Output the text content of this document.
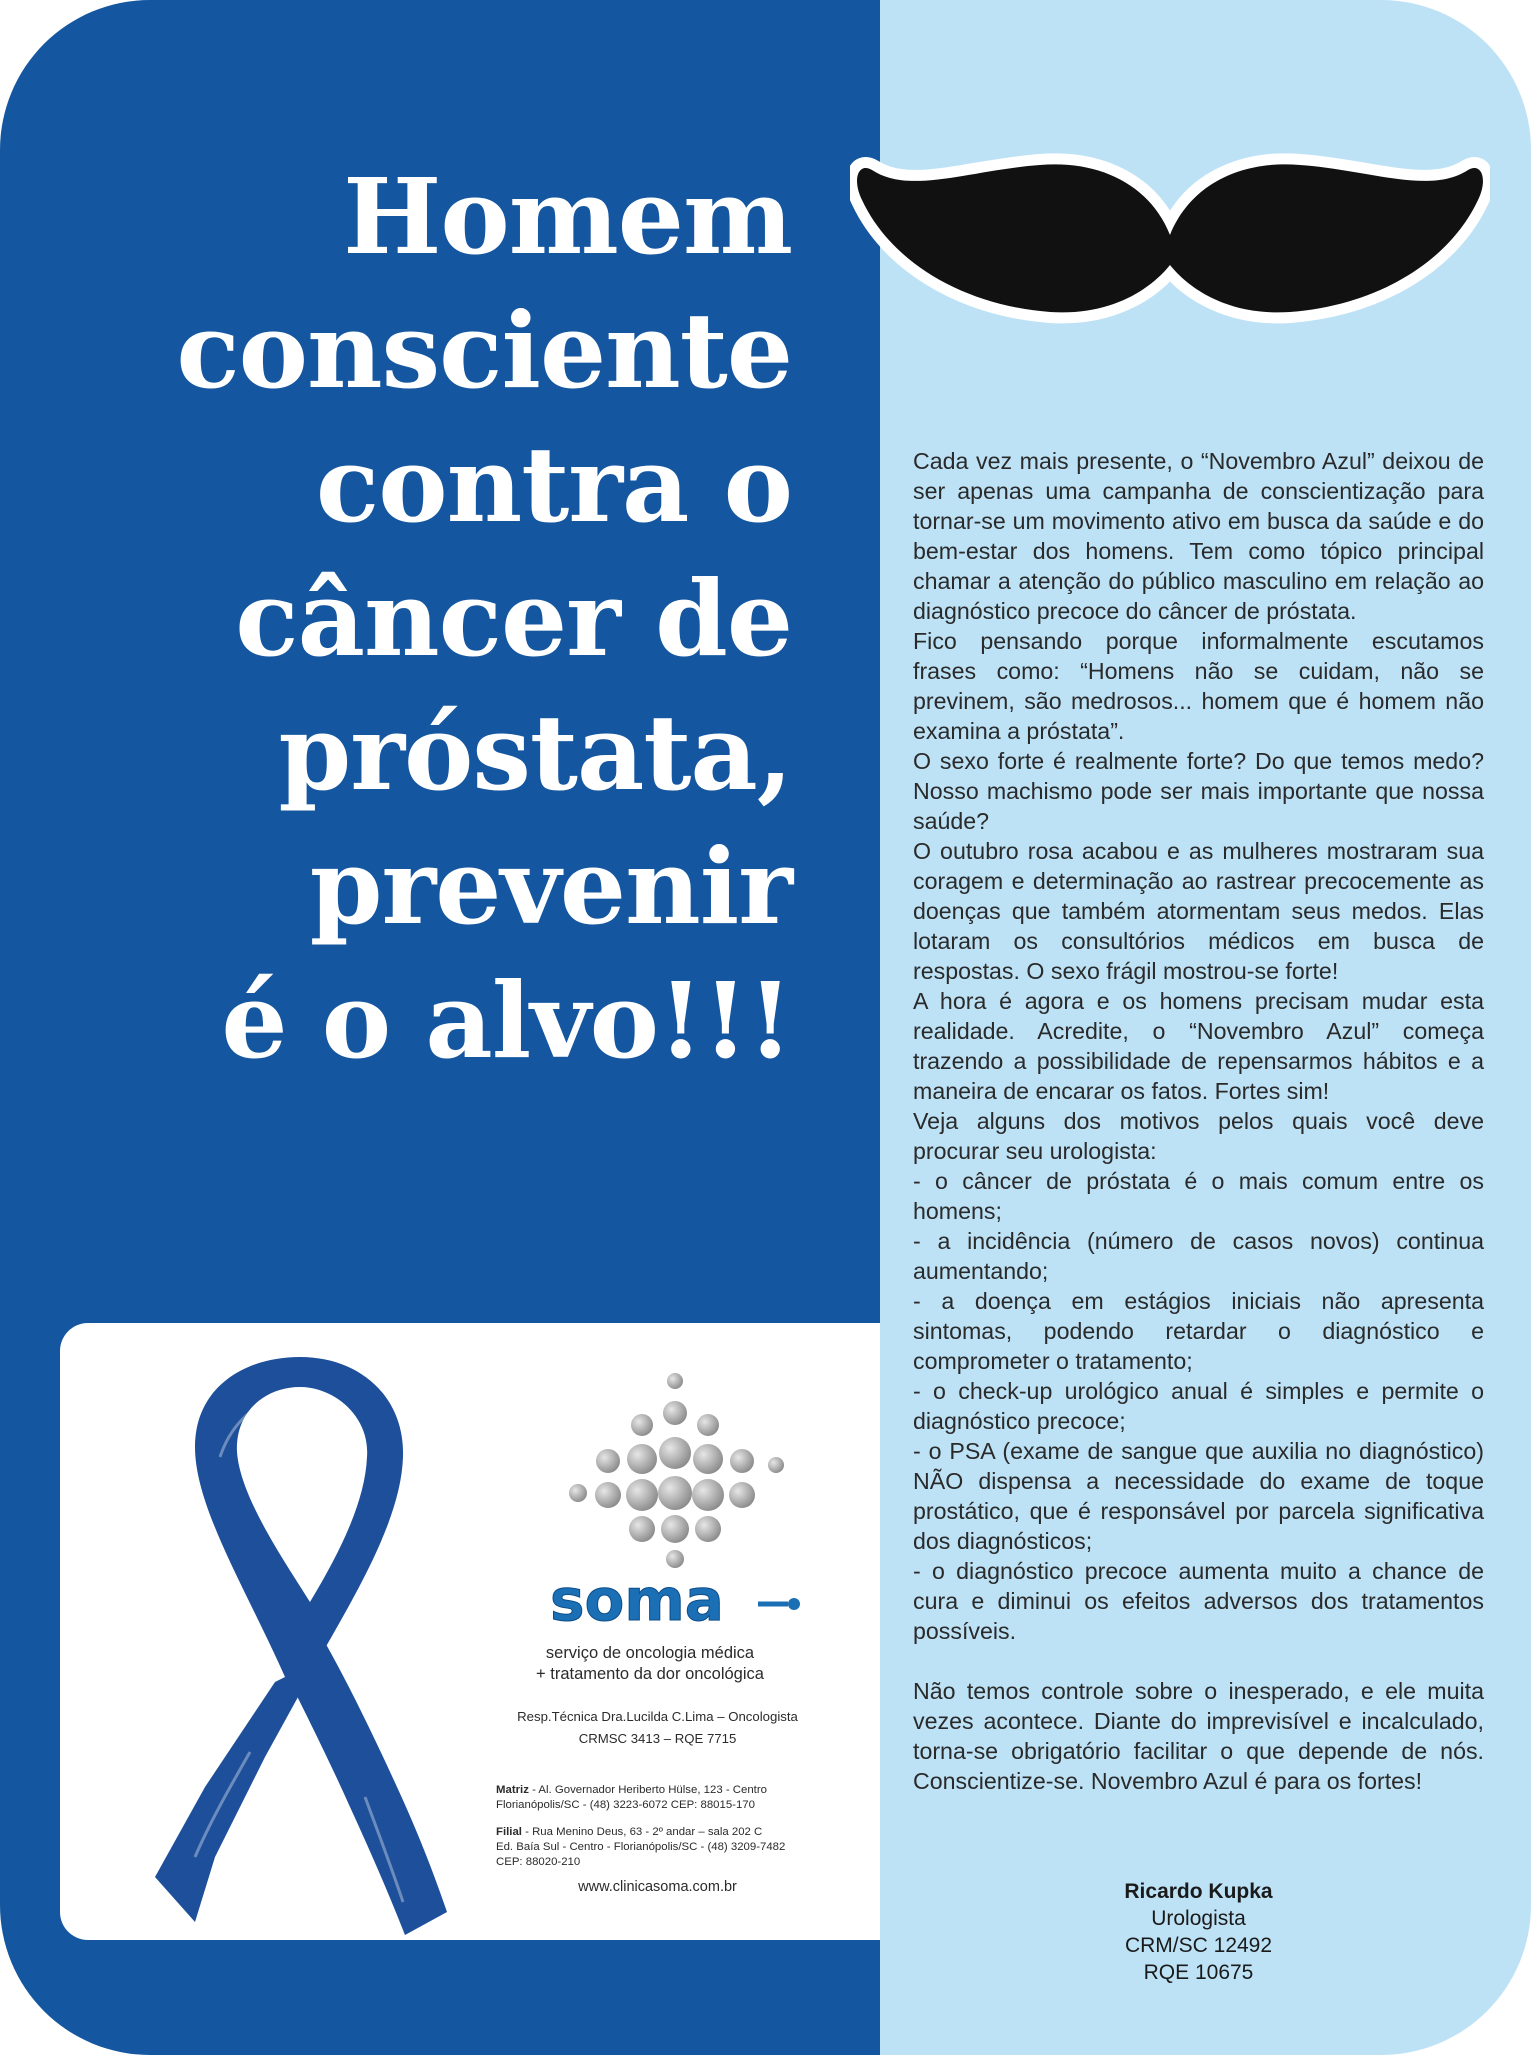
Homem
consciente
contra o
câncer de
próstata,
prevenir
é o alvo!!!

Cada vez mais presente, o “Novembro Azul” deixou de ser apenas uma campanha de conscientização para tornar-se um movimento ativo em busca da saúde e do bem-estar dos homens. Tem como tópico principal chamar a atenção do público masculino em relação ao diagnóstico precoce do câncer de próstata.

Fico pensando porque informalmente escutamos frases como: “Homens não se cuidam, não se previnem, são medrosos... homem que é homem não examina a próstata”.

O sexo forte é realmente forte? Do que temos medo? Nosso machismo pode ser mais importante que nossa saúde?

O outubro rosa acabou e as mulheres mostraram sua coragem e determinação ao rastrear precocemente as doenças que também atormentam seus medos. Elas lotaram os consultórios médicos em busca de respostas. O sexo frágil mostrou-se forte!

A hora é agora e os homens precisam mudar esta realidade. Acredite, o “Novembro Azul” começa trazendo a possibilidade de repensarmos hábitos e a maneira de encarar os fatos. Fortes sim!

Veja alguns dos motivos pelos quais você deve procurar seu urologista:

- o câncer de próstata é o mais comum entre os homens;

- a incidência (número de casos novos) continua aumentando;

- a doença em estágios iniciais não apresenta sintomas, podendo retardar o diagnóstico e comprometer o tratamento;

- o check-up urológico anual é simples e permite o diagnóstico precoce;

- o PSA (exame de sangue que auxilia no diagnóstico) NÃO dispensa a necessidade do exame de toque prostático, que é responsável por parcela significativa dos diagnósticos;

- o diagnóstico precoce aumenta muito a chance de cura e diminui os efeitos adversos dos tratamentos possíveis.

Não temos controle sobre o inesperado, e ele muita vezes acontece. Diante do imprevisível e incalculado, torna-se obrigatório facilitar o que depende de nós. Conscientize-se. Novembro Azul é para os fortes!

Ricardo Kupka
Urologista
CRM/SC 12492
RQE 10675
soma
serviço de oncologia médica
+ tratamento da dor oncológica
Resp.Técnica Dra.Lucilda C.Lima – Oncologista
CRMSC 3413 – RQE 7715
Matriz - Al. Governador Heriberto Hülse, 123 - Centro
Florianópolis/SC - (48) 3223-6072 CEP: 88015-170
Filial - Rua Menino Deus, 63 - 2º andar – sala 202 C
Ed. Baía Sul - Centro - Florianópolis/SC - (48) 3209-7482
CEP: 88020-210
www.clinicasoma.com.br
